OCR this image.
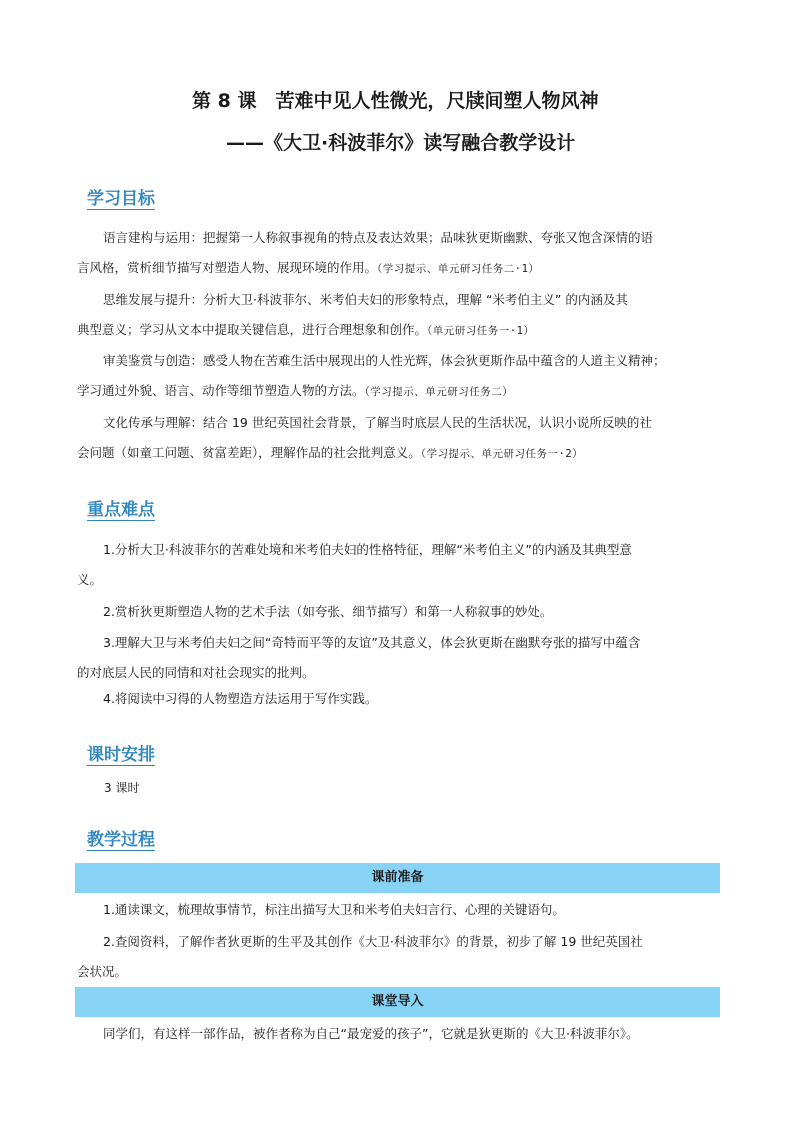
第 8 课　苦难中见人性微光，尺牍间塑人物风神
——《大卫·科波菲尔》读写融合教学设计
学习目标
语言建构与运用：把握第一人称叙事视角的特点及表达效果；品味狄更斯幽默、夸张又饱含深情的语
言风格，赏析细节描写对塑造人物、展现环境的作用。（学习提示、单元研习任务二·1）
思维发展与提升：分析大卫·科波菲尔、米考伯夫妇的形象特点，理解 “米考伯主义” 的内涵及其
典型意义；学习从文本中提取关键信息，进行合理想象和创作。（单元研习任务一·1）
审美鉴赏与创造：感受人物在苦难生活中展现出的人性光辉，体会狄更斯作品中蕴含的人道主义精神；
学习通过外貌、语言、动作等细节塑造人物的方法。（学习提示、单元研习任务二）
文化传承与理解：结合 19 世纪英国社会背景，了解当时底层人民的生活状况，认识小说所反映的社
会问题（如童工问题、贫富差距），理解作品的社会批判意义。（学习提示、单元研习任务一·2）
重点难点
1.分析大卫·科波菲尔的苦难处境和米考伯夫妇的性格特征，理解“米考伯主义”的内涵及其典型意
义。
2.赏析狄更斯塑造人物的艺术手法（如夸张、细节描写）和第一人称叙事的妙处。
3.理解大卫与米考伯夫妇之间“奇特而平等的友谊”及其意义，体会狄更斯在幽默夸张的描写中蕴含
的对底层人民的同情和对社会现实的批判。
4.将阅读中习得的人物塑造方法运用于写作实践。
课时安排
3 课时
教学过程
课前准备
1.通读课文，梳理故事情节，标注出描写大卫和米考伯夫妇言行、心理的关键语句。
2.查阅资料，了解作者狄更斯的生平及其创作《大卫·科波菲尔》的背景，初步了解 19 世纪英国社
会状况。
课堂导入
同学们，有这样一部作品，被作者称为自己“最宠爱的孩子”，它就是狄更斯的《大卫·科波菲尔》。
